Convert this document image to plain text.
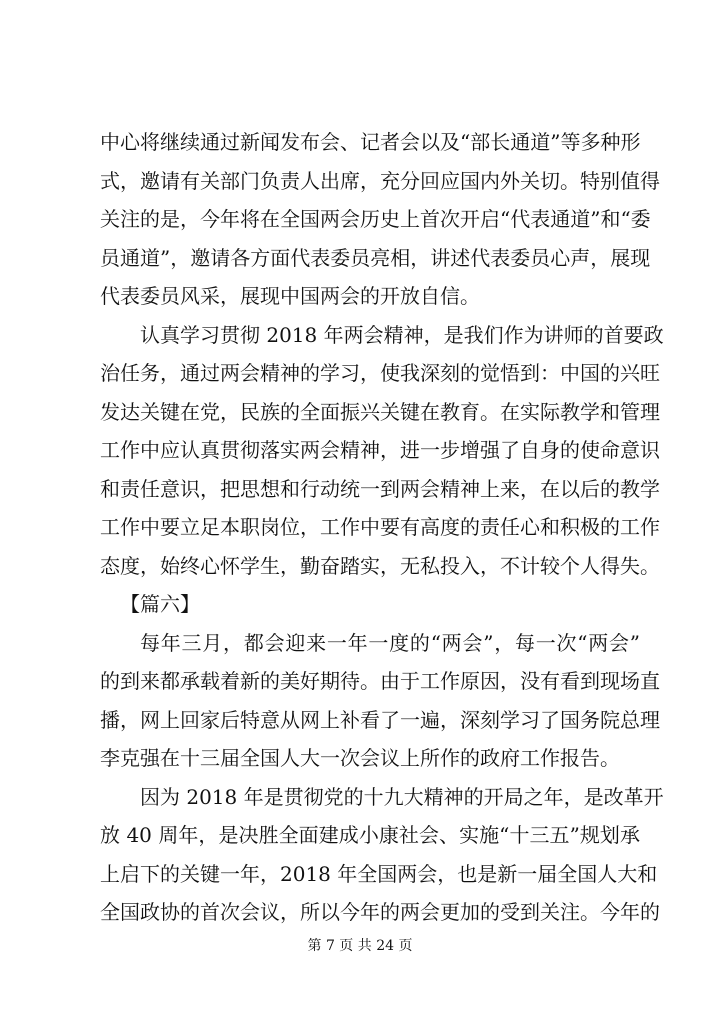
中心将继续通过新闻发布会、记者会以及“部长通道”等多种形
式，邀请有关部门负责人出席，充分回应国内外关切。特别值得
关注的是，今年将在全国两会历史上首次开启“代表通道”和“委
员通道”，邀请各方面代表委员亮相，讲述代表委员心声，展现
代表委员风采，展现中国两会的开放自信。
认真学习贯彻 2018 年两会精神，是我们作为讲师的首要政
治任务，通过两会精神的学习，使我深刻的觉悟到：中国的兴旺
发达关键在党，民族的全面振兴关键在教育。在实际教学和管理
工作中应认真贯彻落实两会精神，进一步增强了自身的使命意识
和责任意识，把思想和行动统一到两会精神上来，在以后的教学
工作中要立足本职岗位，工作中要有高度的责任心和积极的工作
态度，始终心怀学生，勤奋踏实，无私投入，不计较个人得失。
【篇六】
每年三月，都会迎来一年一度的“两会”，每一次“两会”
的到来都承载着新的美好期待。由于工作原因，没有看到现场直
播，网上回家后特意从网上补看了一遍，深刻学习了国务院总理
李克强在十三届全国人大一次会议上所作的政府工作报告。
因为 2018 年是贯彻党的十九大精神的开局之年，是改革开
放 40 周年，是决胜全面建成小康社会、实施“十三五”规划承
上启下的关键一年，2018 年全国两会，也是新一届全国人大和
全国政协的首次会议，所以今年的两会更加的受到关注。今年的
第 7 页 共 24 页
